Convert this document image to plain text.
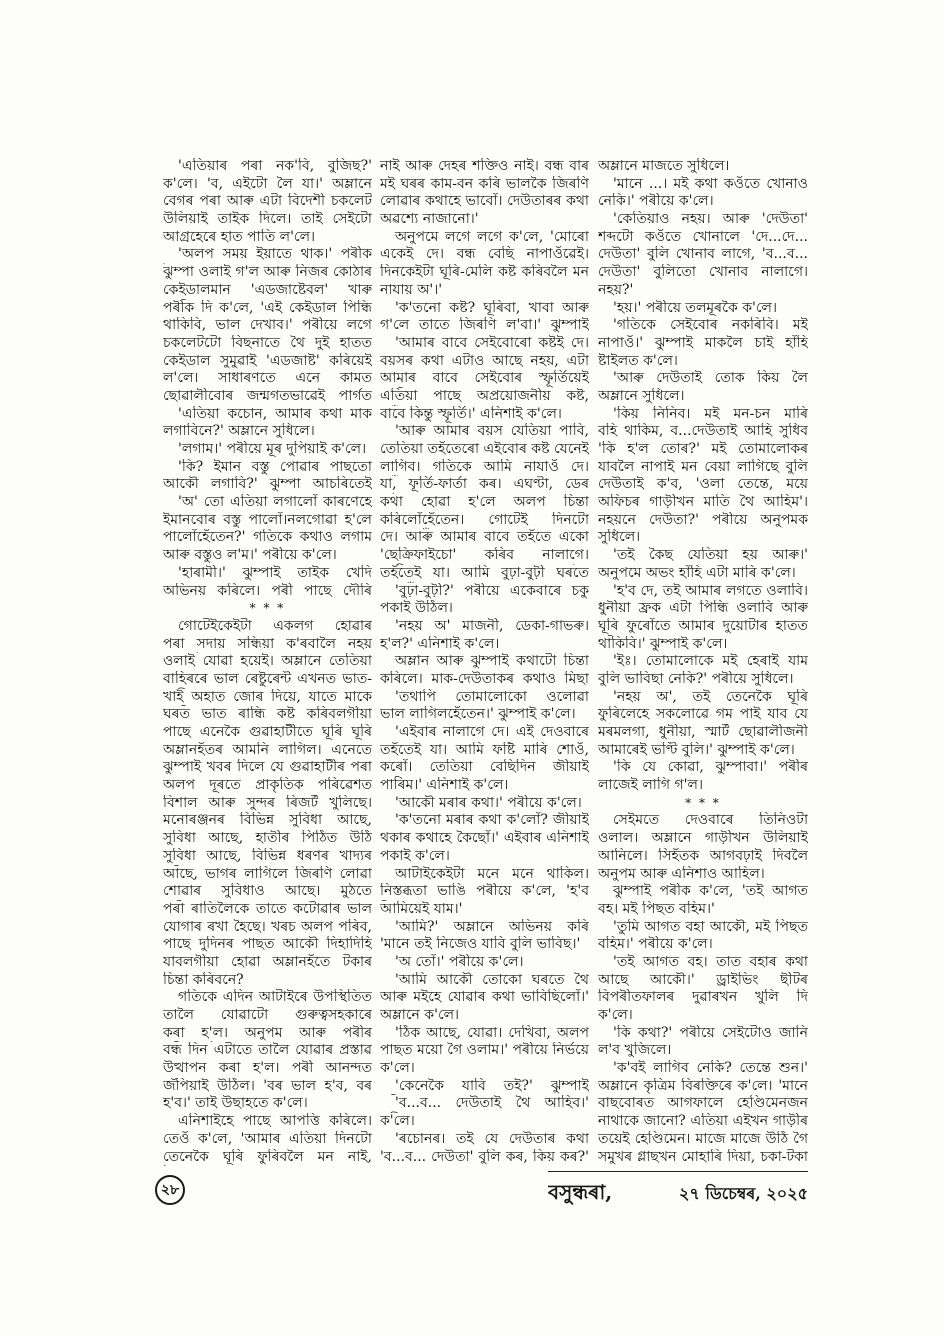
'এতিয়াৰ পৰা নক'বি, বুজিছ?'
ক'লে। 'ব, এইটো লৈ যা।' অম্লানে
বেগৰ পৰা আৰু এটা বিদেশী চকলেট
উলিয়াই তাইক দিলে। তাই সেইটো
আগ্ৰহেৰে হাত পাতি ল'লে।
'অলপ সময় ইয়াতে থাক।' পৰীক
ঝুম্পা ওলাই গ'ল আৰু নিজৰ কোঠাৰ
কেইডালমান 'এডজাষ্টেবল' খাৰু
পৰীক দি ক'লে, 'এই কেইডাল পিন্ধি
থাকিবি, ভাল দেখাব।' পৰীয়ে লগে
চকলেটটো বিছনাতে থৈ দুই হাতত
কেইডাল সুমুৱাই 'এডজাষ্ট' কৰিয়েই
ল'লে। সাধাৰণতে এনে কামত
ছোৱালীবোৰ জন্মগতভাৱেই পাৰ্গত
'এতিয়া কচোন, আমাৰ কথা মাক
লগাবিনে?' অম্লানে সুধিলে।
'লগাম।' পৰীয়ে মূৰ দুপিয়াই ক'লে।
'কি? ইমান বস্তু পোৱাৰ পাছতো
আকৌ লগাবি?' ঝুম্পা আচৰিতেই
'অ' তো এতিয়া লগালোঁ কাৰণেহে
ইমানবোৰ বস্তু পালোঁ।নলগোৱা হ'লে
পালোঁহেঁতেন?' গতিকে কথাও লগাম
আৰু বস্তুও ল'ম।' পৰীয়ে ক'লে।
'হাৰামী।' ঝুম্পাই তাইক খেদি
অভিনয় কৰিলে। পৰী পাছে দৌৰি
* * *
গোটেইকেইটা একলগ হোৱাৰ
পৰা সদায় সন্ধিয়া ক'ৰবালৈ নহয়
ওলাই যোৱা হয়েই। অম্লানে তেতিয়া
বাহিৰৰে ভাল ৰেষ্টুৰেন্ট এখনত ভাত-
খাই অহাত জোৰ দিয়ে, যাতে মাকে
ঘৰত ভাত ৰান্ধি কষ্ট কৰিবলগীয়া
পাছে এনেকৈ গুৱাহাটীতে ঘূৰি ঘূৰি
অম্লানহঁতৰ আমনি লাগিল। এনেতে
ঝুম্পাই খবৰ দিলে যে গুৱাহাটীৰ পৰা
অলপ দূৰতে প্ৰাকৃতিক পৰিৱেশত
বিশাল আৰু সুন্দৰ ৰিজৰ্ট খুলিছে।
মনোৰঞ্জনৰ বিভিন্ন সুবিধা আছে,
সুবিধা আছে, হাতীৰ পিঠিত উঠি
সুবিধা আছে, বিভিন্ন ধৰণৰ খাদ্যৰ
আছে, ভাগৰ লাগিলে জিৰণি লোৱা
শোৱাৰ সুবিধাও আছে। মুঠতে
পৰা ৰাতিলৈকে তাতে কটোৱাৰ ভাল
যোগাৰ ৰখা হৈছে। খৰচ অলপ পৰিব,
পাছে দুদিনৰ পাছত আকৌ দিহাদিহি
যাবলগীয়া হোৱা অম্লানহঁতে টকাৰ
চিন্তা কৰিবনে?
গতিকে এদিন আটাইৰে উপস্থিতিত
তালৈ যোৱাটো গুৰুত্বসহকাৰে
কৰা হ'ল। অনুপম আৰু পৰীৰ
বন্ধ দিন এটাতে তালৈ যোৱাৰ প্ৰস্তাৱ
উত্থাপন কৰা হ'ল। পৰী আনন্দত
জঁপিয়াই উঠিল। 'বৰ ভাল হ'ব, বৰ
হ'ব।' তাই উছাহতে ক'লে।
এনিশাইহে পাছে আপত্তি কৰিলে।
তেওঁ ক'লে, 'আমাৰ এতিয়া দিনটো
তেনেকৈ ঘূৰি ফুৰিবলৈ মন নাই,
নাই আৰু দেহৰ শক্তিও নাই। বন্ধ বাৰ
মই ঘৰৰ কাম-বন কৰি ভালকৈ জিৰণি
লোৱাৰ কথাহে ভাবোঁ। দেউতাৰৰ কথা
অৱশ্যে নাজানো।'
অনুপমে লগে লগে ক'লে, 'মোৰো
একেই দে। বন্ধ বেছি নাপাওঁৱেই।
দিনকেইটা ঘূৰি-মেলি কষ্ট কৰিবলৈ মন
নাযায় অ'।'
'ক'তনো কষ্ট? ঘূৰিবা, খাবা আৰু
গ'লে তাতে জিৰণি ল'বা।' ঝুম্পাই
'আমাৰ বাবে সেইবোৰো কষ্টই দে।
বয়সৰ কথা এটাও আছে নহয়, এটা
আমাৰ বাবে সেইবোৰ স্ফূৰ্তিয়েই
এতিয়া পাছে অপ্ৰয়োজনীয় কষ্ট,
বাবে কিন্তু স্ফূৰ্তি।' এনিশাই ক'লে।
'আৰু আমাৰ বয়স যেতিয়া পাবি,
তেতিয়া তহঁতেৰো এইবোৰ কষ্ট যেনেই
লাগিব। গতিকে আমি নাযাওঁ দে।
যা, ফূৰ্তি-ফাৰ্তা কৰ। এঘণ্টা, ডেৰ
কথা হোৱা হ'লে অলপ চিন্তা
কৰিলোঁহেঁতেন। গোটেই দিনটো
দে। আৰু আমাৰ বাবে তহঁতে একো
'ছেক্ৰিফাইচো' কৰিব নালাগে।
তহঁতেই যা। আমি বুঢ়া-বুঢ়ী ঘৰতে
'বুঢ়া-বুঢ়ী?' পৰীয়ে একেবাৰে চকু
পকাই উঠিল।
'নহয় অ' মাজনী, ডেকা-গাভৰু।
হ'ল?' এনিশাই ক'লে।
অম্লান আৰু ঝুম্পাই কথাটো চিন্তা
কৰিলে। মাক-দেউতাকৰ কথাও মিছা
'তথাপি তোমালোকো ওলোৱা
ভাল লাগিলহেঁতেন।' ঝুম্পাই ক'লে।
'এইবাৰ নালাগে দে। এই দেওবাৰে
তহঁতেই যা। আমি ফষ্টি মাৰি শোওঁ,
কৰোঁ। তেতিয়া বেছিদিন জীয়াই
পাৰিম।' এনিশাই ক'লে।
'আকৌ মৰাৰ কথা।' পৰীয়ে ক'লে।
'ক'তনো মৰাৰ কথা ক'লোঁ? জীয়াই
থকাৰ কথাহে কৈছোঁ।' এইবাৰ এনিশাই
পকাই ক'লে।
আটাইকেইটা মনে মনে থাকিল।
নিস্তব্ধতা ভাঙি পৰীয়ে ক'লে, 'হ'ব
আমিয়েই যাম।'
'আমি?' অম্লানে অভিনয় কৰি
'মানে তই নিজেও যাবি বুলি ভাবিছ।'
'অ তোঁ।' পৰীয়ে ক'লে।
'আমি আকৌ তোকো ঘৰতে থৈ
আৰু মইহে যোৱাৰ কথা ভাবিছিলোঁ।'
অম্লানে ক'লে।
'ঠিক আছে, যোৱা। দেখিবা, অলপ
পাছত ময়ো গৈ ওলাম।' পৰীয়ে নিৰ্ভয়ে
ক'লে।
'কেনেকৈ যাবি তই?' ঝুম্পাই
'ব...ব... দেউতাই থৈ আহিব।'
ক'লে।
'ৰচোনৰ। তই যে দেউতাৰ কথা
'ব...ব... দেউতা' বুলি কৰ, কিয় কৰ?'
অম্লানে মাজতে সুধিলে।
'মানে ...। মই কথা কওঁতে খোনাও
নেকি।' পৰীয়ে ক'লে।
'কেতিয়াও নহয়। আৰু 'দেউতা'
শব্দটো কওঁতে খোনালে 'দে...দে...
দেউতা' বুলি খোনাব লাগে, 'ব...ব...
দেউতা' বুলিতো খোনাব নালাগে।
নহয়?'
'হয়।' পৰীয়ে তলমূৰকৈ ক'লে।
'গতিকে সেইবোৰ নকৰিবি। মই
নাপাওঁ।' ঝুম্পাই মাকলৈ চাই হাঁহি
ষ্টাইলত ক'লে।
'আৰু দেউতাই তোক কিয় লৈ
অম্লানে সুধিলে।
'কিয় নিনিব। মই মন-চন মাৰি
বহি থাকিম, ব...দেউতাই আহি সুধিব
'কি হ'ল তোৰ?' মই তোমালোকৰ
যাবলৈ নাপাই মন বেয়া লাগিছে বুলি
দেউতাই ক'ব, 'ওলা তেন্তে, ময়ে
অফিচৰ গাড়ীখন মাতি থৈ আহিম'।
নহয়নে দেউতা?' পৰীয়ে অনুপমক
সুধিলে।
'তই কৈছ যেতিয়া হয় আৰু।'
অনুপমে অভং হাঁহি এটা মাৰি ক'লে।
'হ'ব দে, তই আমাৰ লগতে ওলাবি।
ধুনীয়া ফ্ৰক এটা পিন্ধি ওলাবি আৰু
ঘূৰি ফুৰোঁতে আমাৰ দুয়োটাৰ হাতত
থাকিবি।' ঝুম্পাই ক'লে।
'ইঃ। তোমালোকে মই হেৰাই যাম
বুলি ভাবিছা নেকি?' পৰীয়ে সুধিলে।
'নহয় অ', তই তেনেকৈ ঘূৰি
ফুৰিলেহে সকলোৱে গম পাই যাব যে
মৰমলগা, ধুনীয়া, স্মাৰ্ট ছোৱালীজনী
আমাৰেই ভণ্টি বুলি।' ঝুম্পাই ক'লে।
'কি যে কোৱা, ঝুম্পাবা।' পৰীৰ
লাজেই লাগি গ'ল।
* * *
সেইমতে দেওবাৰে তিনিওটা
ওলাল। অম্লানে গাড়ীখন উলিয়াই
আনিলে। সিহঁতক আগবঢ়াই দিবলৈ
অনুপম আৰু এনিশাও আহিল।
ঝুম্পাই পৰীক ক'লে, 'তই আগত
বহ। মই পিছত বহিম।'
'তুমি আগত বহা আকৌ, মই পিছত
বহিম।' পৰীয়ে ক'লে।
'তই আগত বহ। তাত বহাৰ কথা
আছে আকৌ।' ড্ৰাইভিং ছীটৰ
বিপৰীতফালৰ দুৱাৰখন খুলি দি
ক'লে।
'কি কথা?' পৰীয়ে সেইটোও জানি
ল'ব খুজিলে।
'ক'বই লাগিব নেকি? তেন্তে শুন।'
অম্লানে কৃত্ৰিম বিৰক্তিৰে ক'লে। 'মানে
বাছবোৰত আগফালে হেণ্ডিমেনজন
নাথাকে জানো? এতিয়া এইখন গাড়ীৰ
তয়েই হেণ্ডিমেন। মাজে মাজে উঠি গৈ
সমুখৰ গ্লাছখন মোহাৰি দিয়া, চকা-টকা
২৮	বসুন্ধৰা,	২৭ ডিচেম্বৰ, ২০২৫
